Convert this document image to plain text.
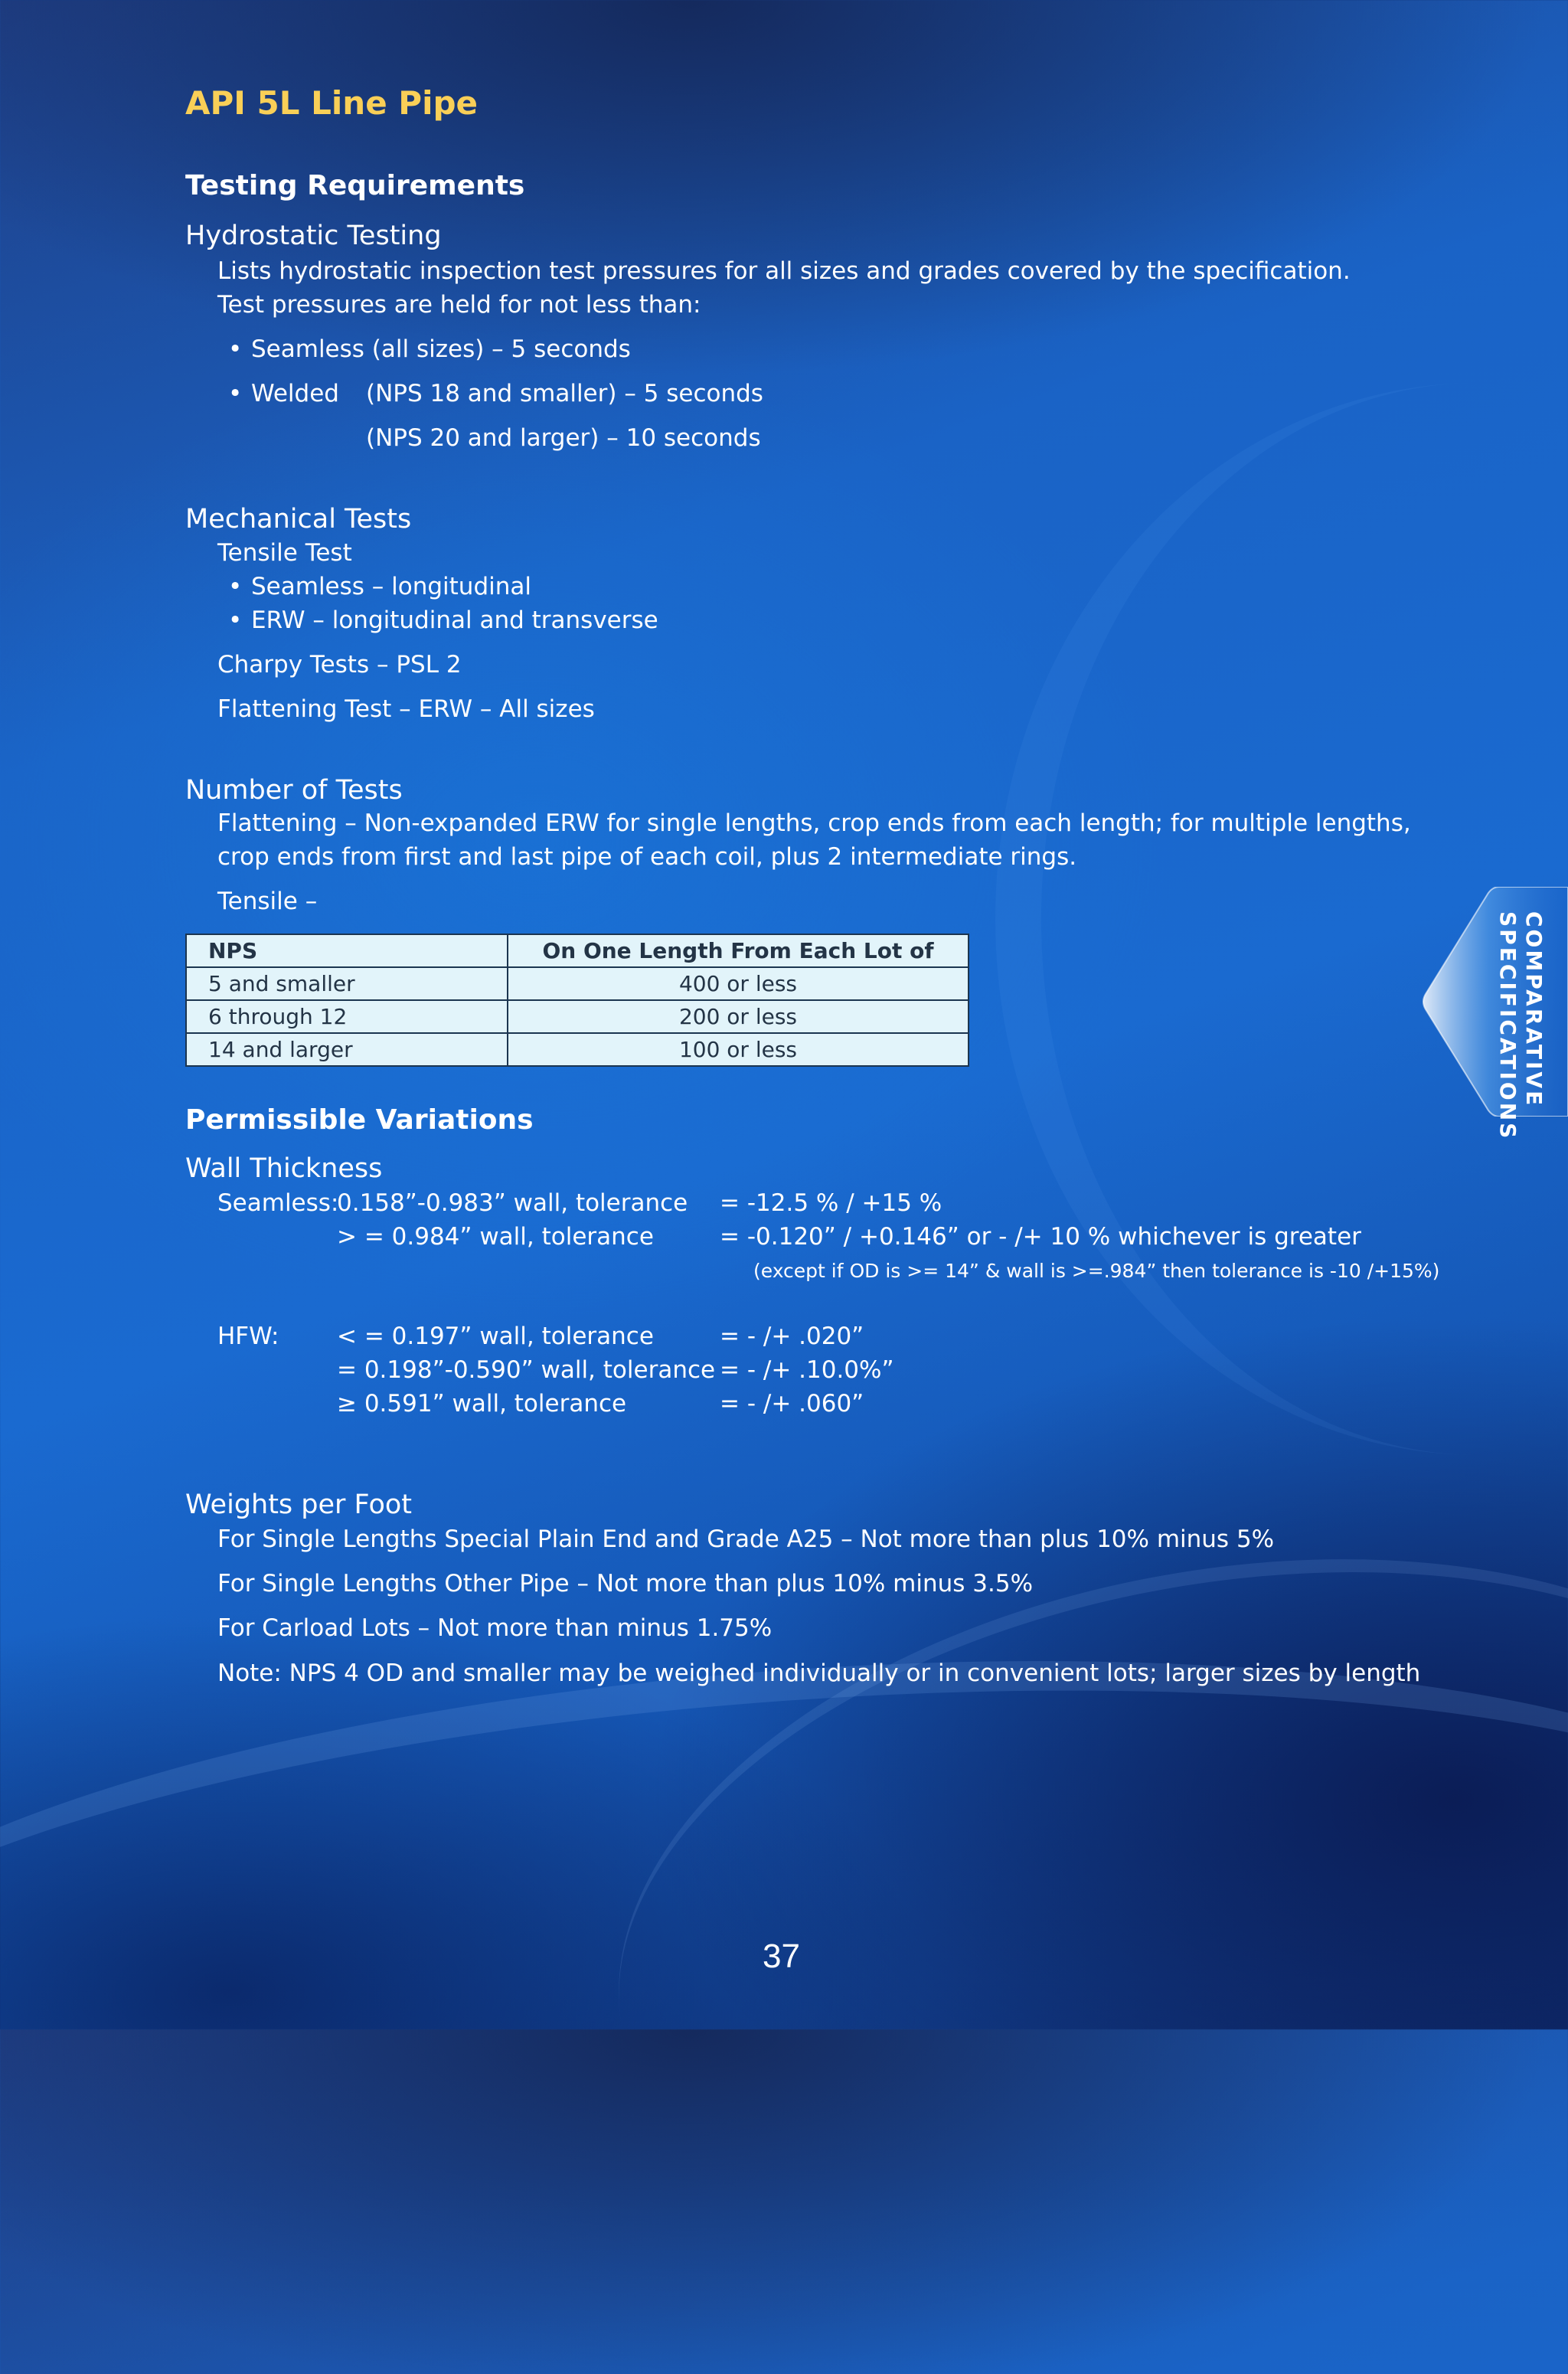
API 5L Line Pipe
Testing Requirements
Hydrostatic Testing
Lists hydrostatic inspection test pressures for all sizes and grades covered by the specification.
Test pressures are held for not less than:
• Seamless (all sizes) – 5 seconds
• Welded (NPS 18 and smaller) – 5 seconds
(NPS 20 and larger) – 10 seconds
Mechanical Tests
Tensile Test
• Seamless – longitudinal
• ERW – longitudinal and transverse
Charpy Tests – PSL 2
Flattening Test – ERW – All sizes
Number of Tests
Flattening – Non-expanded ERW for single lengths, crop ends from each length; for multiple lengths,
crop ends from first and last pipe of each coil, plus 2 intermediate rings.
Tensile –
NPS	On One Length From Each Lot of
5 and smaller	400 or less
6 through 12	200 or less
14 and larger	100 or less
Permissible Variations
Wall Thickness
Seamless:
0.158”-0.983” wall, tolerance = -12.5 % / +15 %
> = 0.984” wall, tolerance	= -0.120” / +0.146” or - /+ 10 % whichever is greater
(except if OD is >= 14” & wall is >=.984” then tolerance is -10 /+15%)
HFW: < = 0.197” wall, tolerance	= - /+ .020”
= 0.198”-0.590” wall, tolerance = - /+ .10.0%”
≥ 0.591” wall, tolerance	= - /+ .060”
Weights per Foot
For Single Lengths Special Plain End and Grade A25 – Not more than plus 10% minus 5%
For Single Lengths Other Pipe – Not more than plus 10% minus 3.5%
For Carload Lots – Not more than minus 1.75%
Note: NPS 4 OD and smaller may be weighed individually or in convenient lots; larger sizes by length
COMPARATIVE
SPECIFICATIONS
37
